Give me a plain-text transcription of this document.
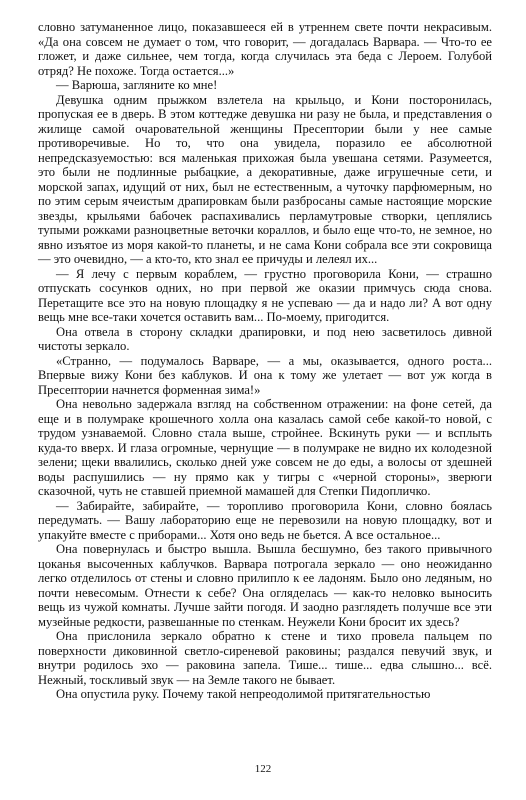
словно затуманенное лицо, показавшееся ей в утреннем свете почти некрасивым. «Да она совсем не думает о том, что говорит, — догадалась Варвара. — Что-то ее гложет, и даже сильнее, чем тогда, когда случилась эта беда с Лероем. Голубой отряд? Не похоже. Тогда остается...»

— Варюша, загляните ко мне!

Девушка одним прыжком взлетела на крыльцо, и Кони посторонилась, пропуская ее в дверь. В этом коттедже девушка ни разу не была, и представления о жилище самой очаровательной женщины Пресептории были у нее самые противоречивые. Но то, что она увидела, поразило ее абсолютной непредсказуемостью: вся маленькая прихожая была увешана сетями. Разумеется, это были не подлинные рыбацкие, а декоративные, даже игрушечные сети, и морской запах, идущий от них, был не естественным, а чуточку парфюмерным, но по этим серым ячеистым драпировкам были разбросаны самые настоящие морские звезды, крыльями бабочек распахивались перламутровые створки, цеплялись тупыми рожками разноцветные веточки кораллов, и было еще что-то, не земное, но явно изъятое из моря какой-то планеты, и не сама Кони собрала все эти сокровища — это очевидно, — а кто-то, кто знал ее причуды и лелеял их...

— Я лечу с первым кораблем, — грустно проговорила Кони, — страшно отпускать сосунков одних, но при первой же оказии примчусь сюда снова. Перетащите все это на новую площадку я не успеваю — да и надо ли? А вот одну вещь мне все-таки хочется оставить вам... По-моему, пригодится.

Она отвела в сторону складки драпировки, и под нею засветилось дивной чистоты зеркало.

«Странно, — подумалось Варваре, — а мы, оказывается, одного роста... Впервые вижу Кони без каблуков. И она к тому же улетает — вот уж когда в Пресептории начнется форменная зима!»

Она невольно задержала взгляд на собственном отражении: на фоне сетей, да еще и в полумраке крошечного холла она казалась самой себе какой-то новой, с трудом узнаваемой. Словно стала выше, стройнее. Вскинуть руки — и всплыть куда-то вверх. И глаза огромные, чернущие — в полумраке не видно их колодезной зелени; щеки ввалились, сколько дней уже совсем не до еды, а волосы от здешней воды распушились — ну прямо как у тигры с «черной стороны», зверюги сказочной, чуть не ставшей приемной мамашей для Степки Пидопличко.

— Забирайте, забирайте, — торопливо проговорила Кони, словно боялась передумать. — Вашу лабораторию еще не перевозили на новую площадку, вот и упакуйте вместе с приборами... Хотя оно ведь не бьется. А все остальное...

Она повернулась и быстро вышла. Вышла бесшумно, без такого привычного цоканья высоченных каблучков. Варвара потрогала зеркало — оно неожиданно легко отделилось от стены и словно прилипло к ее ладоням. Было оно ледяным, но почти невесомым. Отнести к себе? Она огляделась — как-то неловко выносить вещь из чужой комнаты. Лучше зайти погодя. И заодно разглядеть получше все эти музейные редкости, развешанные по стенкам. Неужели Кони бросит их здесь?

Она прислонила зеркало обратно к стене и тихо провела пальцем по поверхности диковинной светло-сиреневой раковины; раздался певучий звук, и внутри родилось эхо — раковина запела. Тише... тише... едва слышно... всё. Нежный, тоскливый звук — на Земле такого не бывает.

Она опустила руку. Почему такой непреодолимой притягательностью

122
